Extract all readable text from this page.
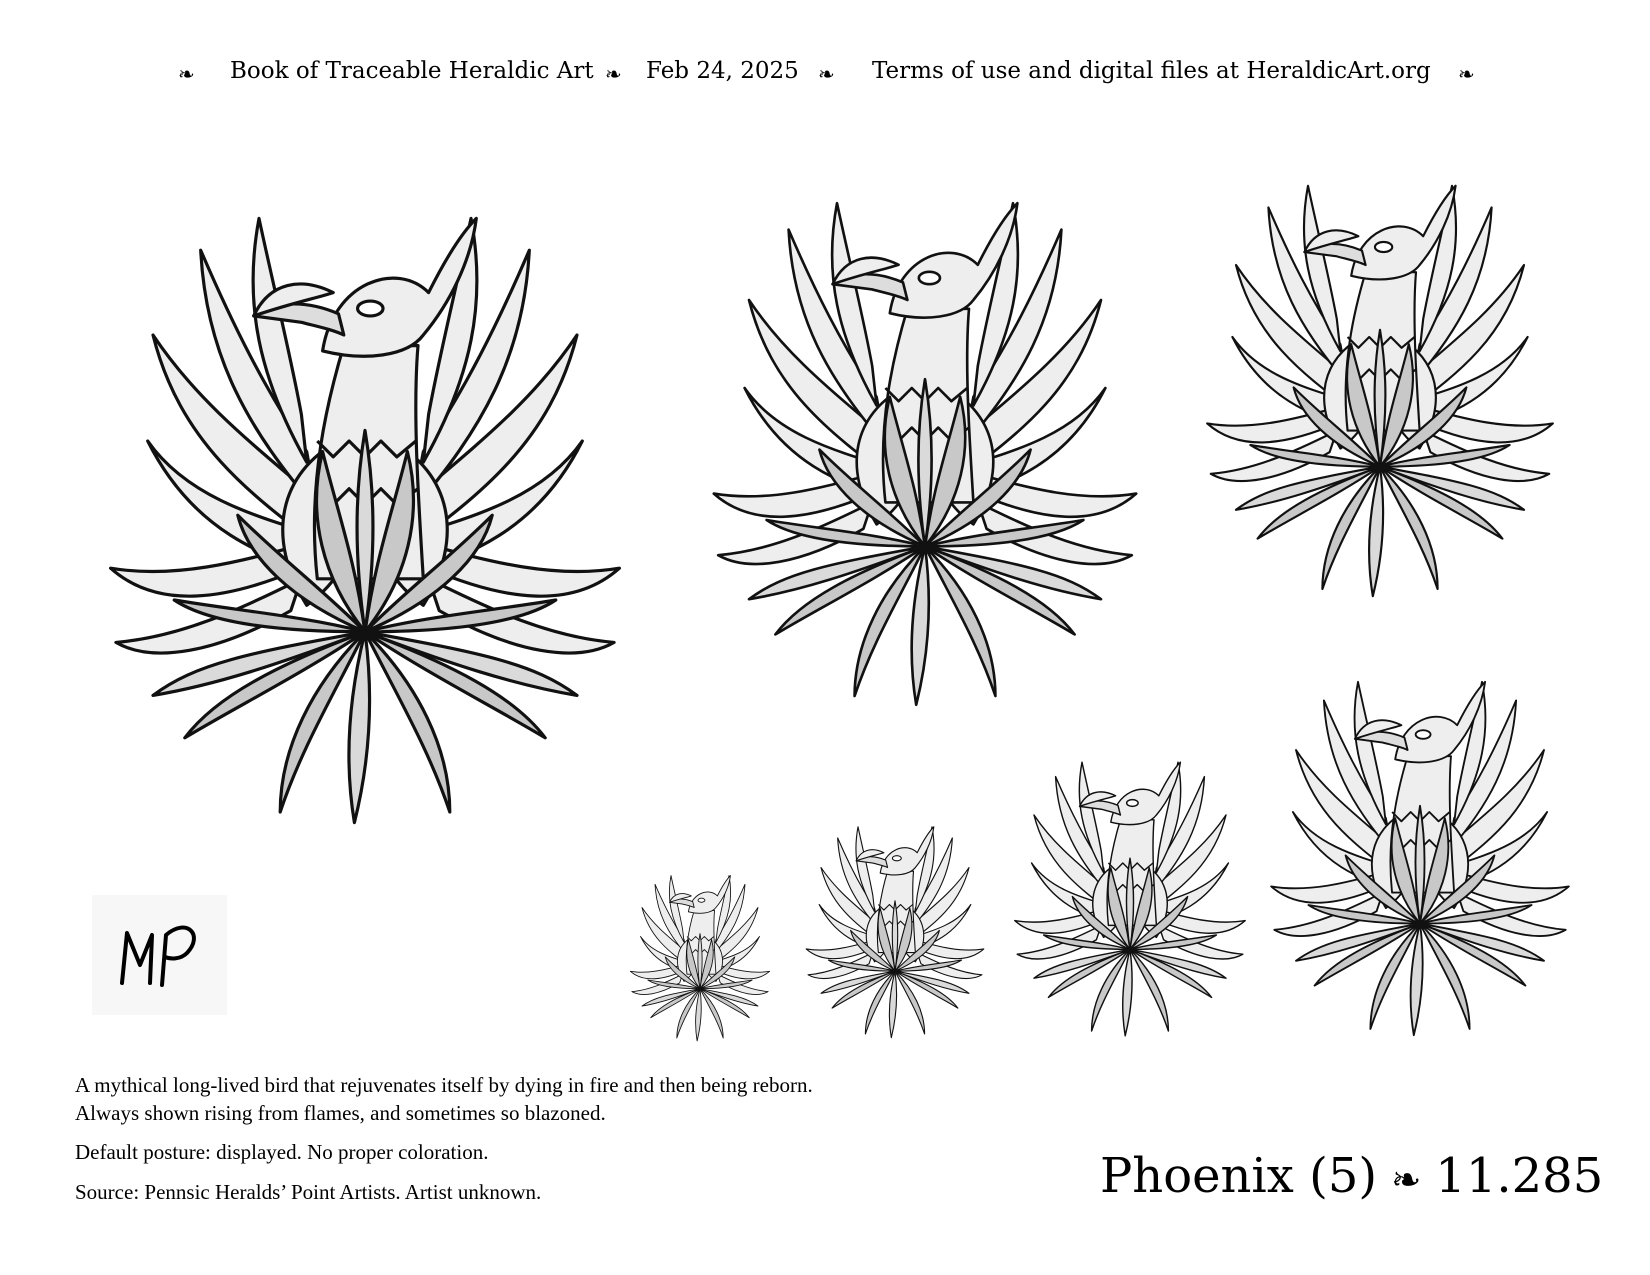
❧ Book of Traceable Heraldic Art ❧ Feb 24, 2025 ❧ Terms of use and digital files at HeraldicArt.org ❧
A mythical long-lived bird that rejuvenates itself by dying in fire and then being reborn.
Always shown rising from flames, and sometimes so blazoned.
Default posture: displayed. No proper coloration.
Source: Pennsic Heralds’ Point Artists. Artist unknown.	Phoenix (5) ❧ 11.285
